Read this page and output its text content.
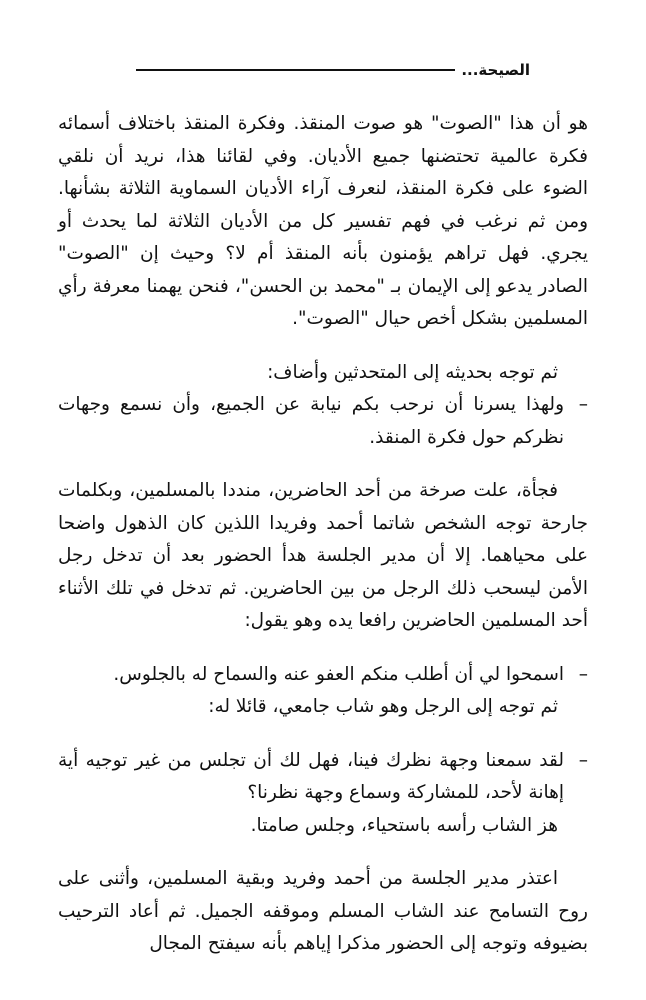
الصيحة...

هو أن هذا "الصوت" هو صوت المنقذ. وفكرة المنقذ باختلاف أسمائه فكرة عالمية تحتضنها جميع الأديان. وفي لقائنا هذا، نريد أن نلقي الضوء على فكرة المنقذ، لنعرف آراء الأديان السماوية الثلاثة بشأنها. ومن ثم نرغب في فهم تفسير كل من الأديان الثلاثة لما يحدث أو يجري. فهل تراهم يؤمنون بأنه المنقذ أم لا؟ وحيث إن "الصوت" الصادر يدعو إلى الإيمان بـ "محمد بن الحسن"، فنحن يهمنا معرفة رأي المسلمين بشكل أخص حيال "الصوت".

ثم توجه بحديثه إلى المتحدثين وأضاف:

–
ولهذا يسرنا أن نرحب بكم نيابة عن الجميع، وأن نسمع وجهات نظركم حول فكرة المنقذ.

فجأة، علت صرخة من أحد الحاضرين، منددا بالمسلمين، وبكلمات جارحة توجه الشخص شاتما أحمد وفريدا اللذين كان الذهول واضحا على محياهما. إلا أن مدير الجلسة هدأ الحضور بعد أن تدخل رجل الأمن ليسحب ذلك الرجل من بين الحاضرين. ثم تدخل في تلك الأثناء أحد المسلمين الحاضرين رافعا يده وهو يقول:

–
اسمحوا لي أن أطلب منكم العفو عنه والسماح له بالجلوس.

ثم توجه إلى الرجل وهو شاب جامعي، قائلا له:

–
لقد سمعنا وجهة نظرك فينا، فهل لك أن تجلس من غير توجيه أية إهانة لأحد، للمشاركة وسماع وجهة نظرنا؟

هز الشاب رأسه باستحياء، وجلس صامتا.

اعتذر مدير الجلسة من أحمد وفريد وبقية المسلمين، وأثنى على روح التسامح عند الشاب المسلم وموقفه الجميل. ثم أعاد الترحيب بضيوفه وتوجه إلى الحضور مذكرا إياهم بأنه سيفتح المجال
